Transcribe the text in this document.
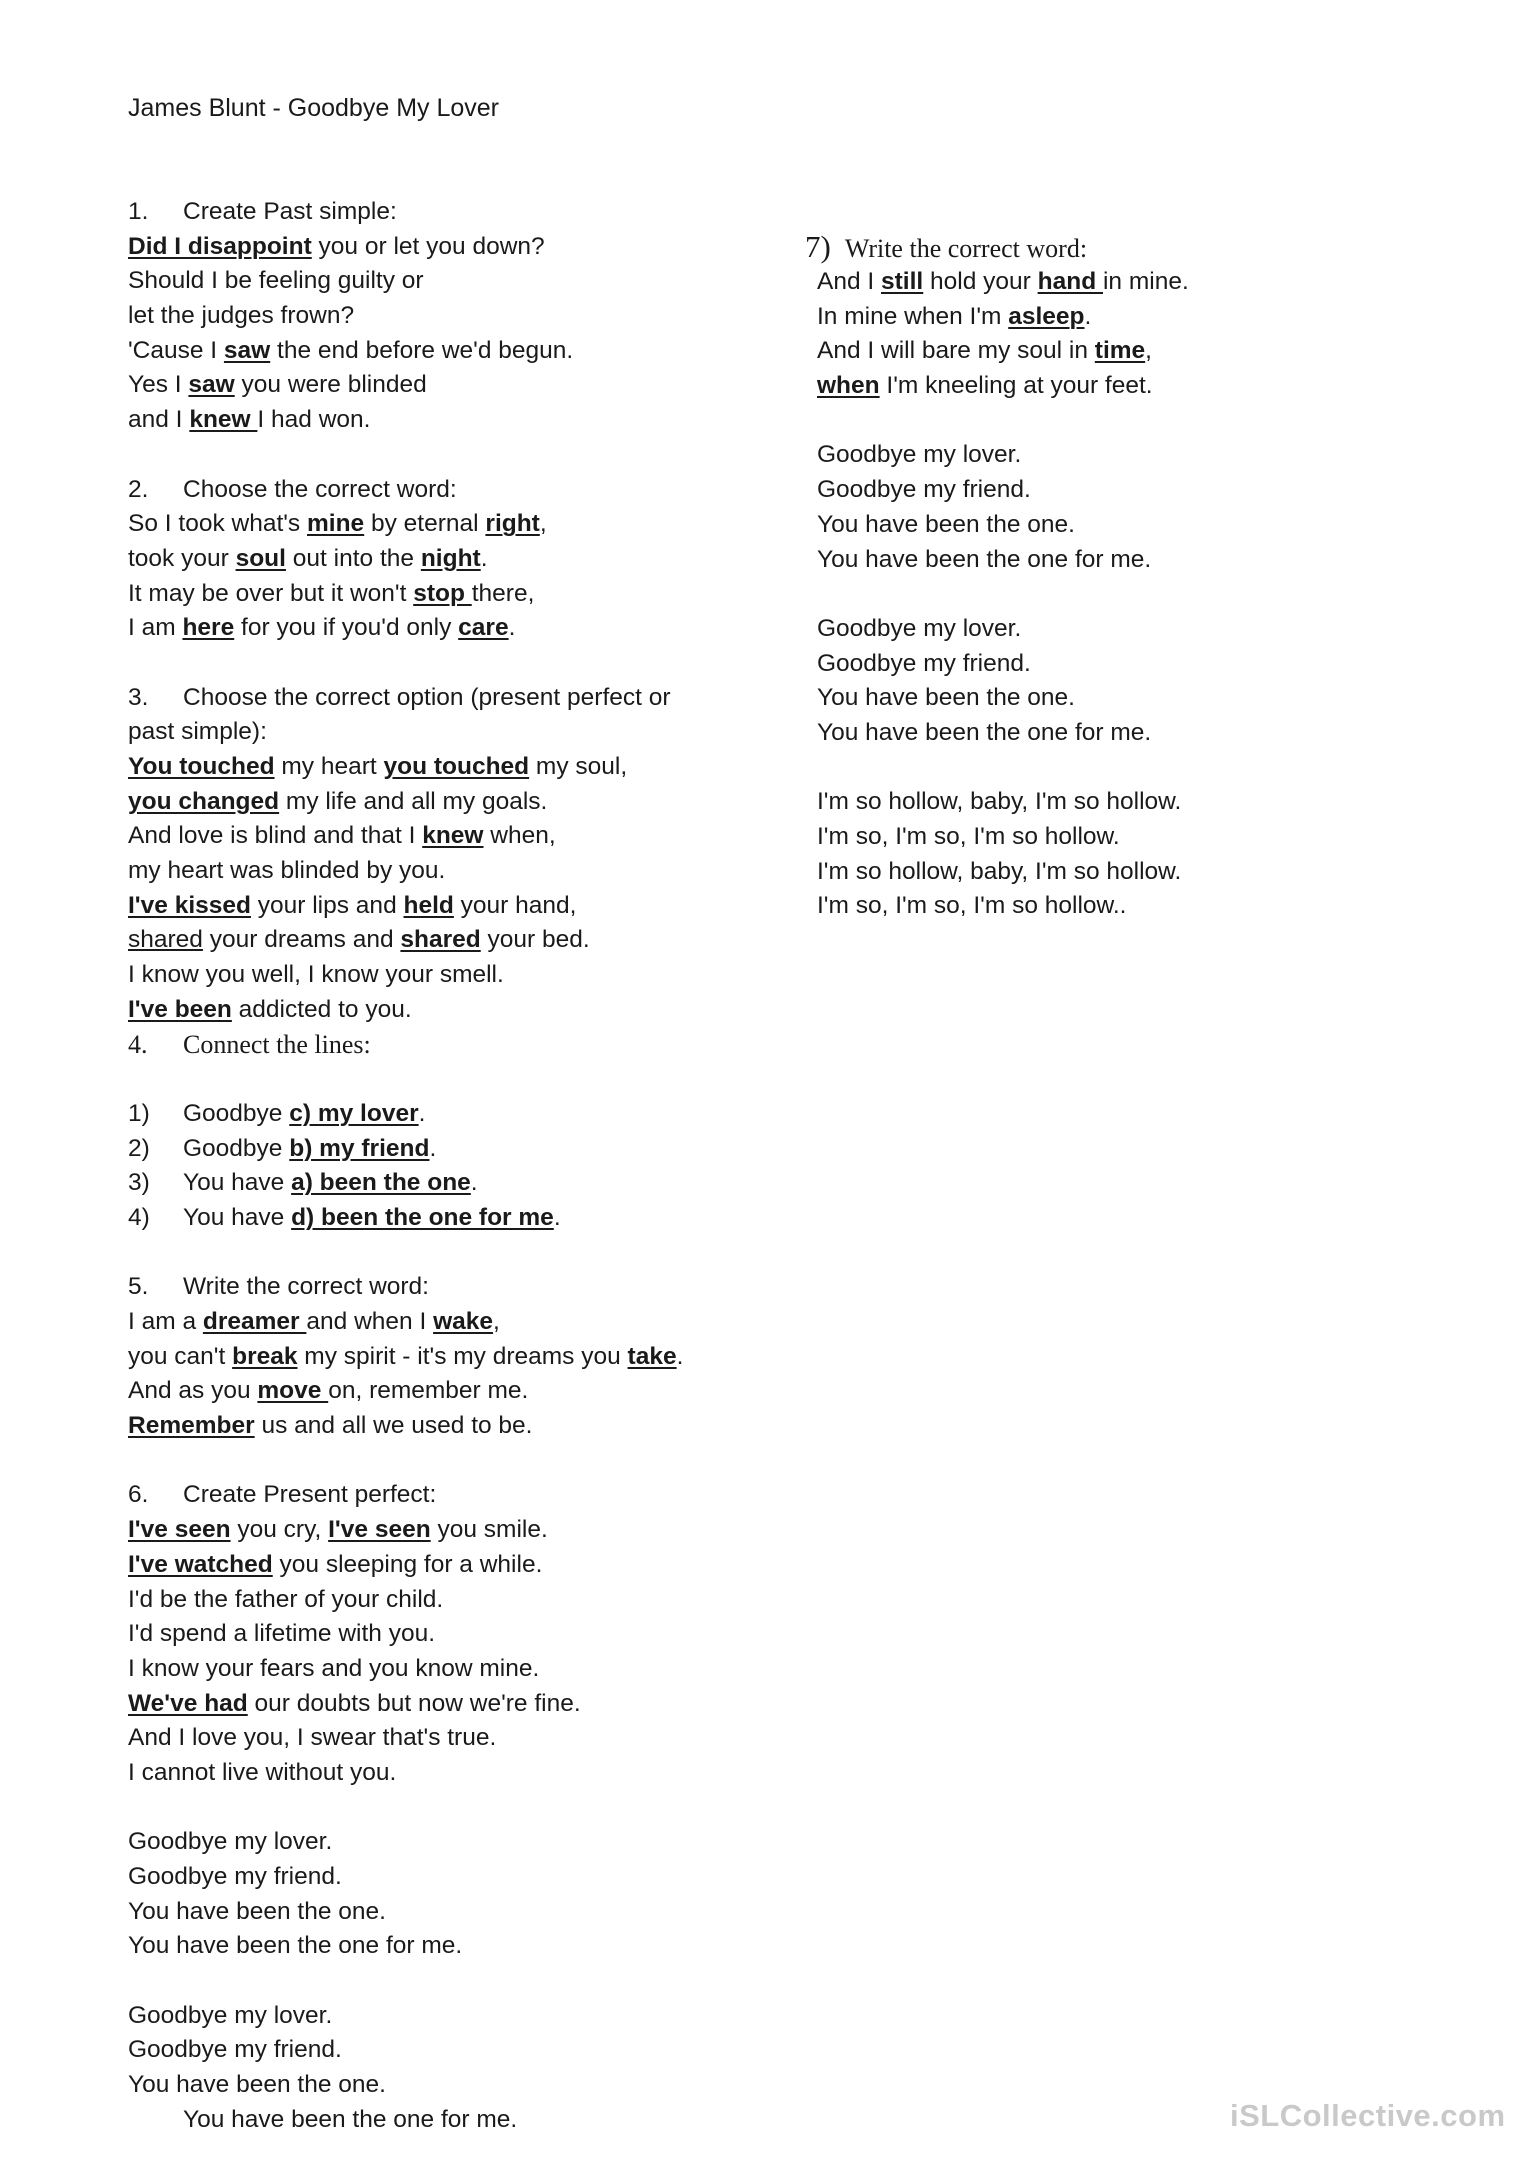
James Blunt - Goodbye My Lover
1. Create Past simple:
Did I disappoint you or let you down?
Should I be feeling guilty or
let the judges frown?
'Cause I saw the end before we'd begun.
Yes I saw you were blinded
and I knew I had won.
2. Choose the correct word:
So I took what's mine by eternal right,
took your soul out into the night.
It may be over but it won't stop there,
I am here for you if you'd only care.
3. Choose the correct option (present perfect or
past simple):
You touched my heart you touched my soul,
you changed my life and all my goals.
And love is blind and that I knew when,
my heart was blinded by you.
I've kissed your lips and held your hand,
shared your dreams and shared your bed.
I know you well, I know your smell.
I've been addicted to you.
4. Connect the lines:
1) Goodbye c) my lover.
2) Goodbye b) my friend.
3) You have a) been the one.
4) You have d) been the one for me.
5. Write the correct word:
I am a dreamer and when I wake,
you can't break my spirit - it's my dreams you take.
And as you move on, remember me.
Remember us and all we used to be.
6. Create Present perfect:
I've seen you cry, I've seen you smile.
I've watched you sleeping for a while.
I'd be the father of your child.
I'd spend a lifetime with you.
I know your fears and you know mine.
We've had our doubts but now we're fine.
And I love you, I swear that's true.
I cannot live without you.
Goodbye my lover.
Goodbye my friend.
You have been the one.
You have been the one for me.
Goodbye my lover.
Goodbye my friend.
You have been the one.
You have been the one for me.
7) Write the correct word:
And I still hold your hand in mine.
In mine when I'm asleep.
And I will bare my soul in time,
when I'm kneeling at your feet.
Goodbye my lover.
Goodbye my friend.
You have been the one.
You have been the one for me.
Goodbye my lover.
Goodbye my friend.
You have been the one.
You have been the one for me.
I'm so hollow, baby, I'm so hollow.
I'm so, I'm so, I'm so hollow.
I'm so hollow, baby, I'm so hollow.
I'm so, I'm so, I'm so hollow..
iSLCollective.com
